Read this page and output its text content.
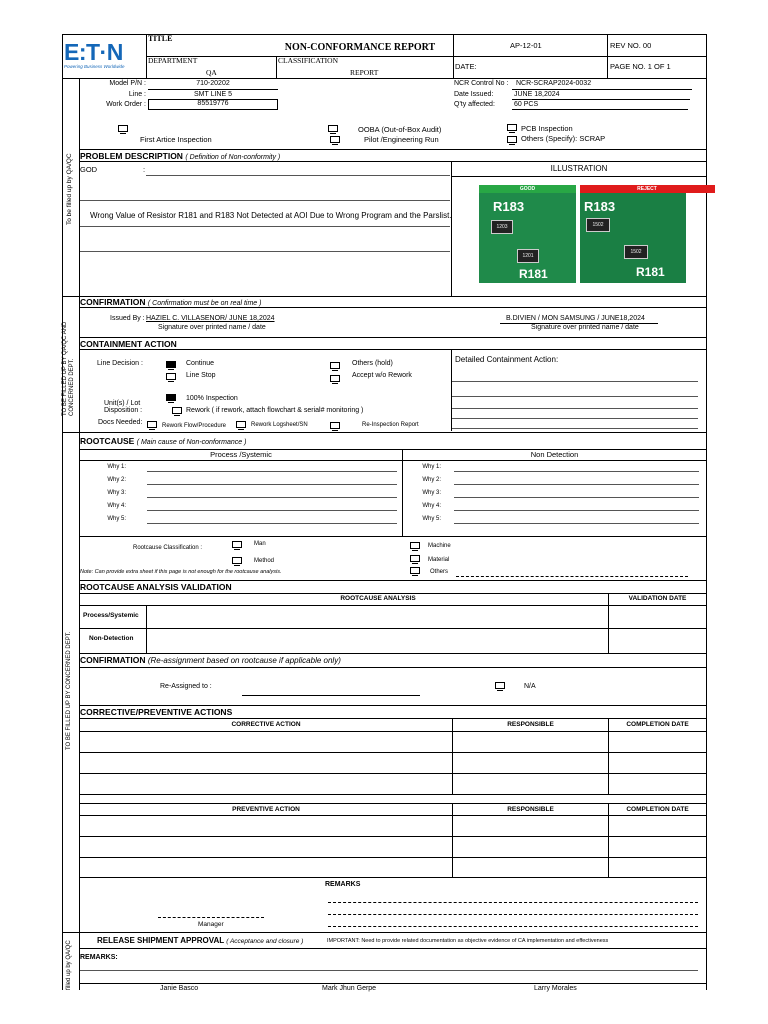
E:T·N
Powering Business Worldwide
TITLE
NON-CONFORMANCE REPORT	AP-12-01	REV NO. 00
DEPARTMENT
QA
CLASSIFICATION
REPORT
DATE:	PAGE NO. 1 OF 1
Model P/N :	710-20202
Line :	SMT LINE 5
Work Order :	85519776
NCR Control No : NCR-SCRAP2024-0032
Date Issued:	JUNE 18,2024
Q'ty affected:	60 PCS
First Artice Inspection
OOBA (Out-of-Box Audit)
Pilot /Engineering Run
PCB Inspection
Others (Specify): SCRAP
To be filled up by QA/QC PROBLEM DESCRIPTION ( Definition of Non-conformity )
GOD	:
Wrong Value of Resistor R181 and R183 Not Detected at AOI Due to Wrong Program and the Parslist.
ILLUSTRATION
GOOD
R183
1203
1201
R181
REJECT
R183
1502
1502
R181
CONFIRMATION ( Confirmation must be on real time )
Issued By : HAZIEL C. VILLASENOR/ JUNE 18,2024
Signature over printed name / date
B.DIVIEN / MON SAMSUNG / JUNE18,2024
Signature over printed name / date
TO BE FILLED UP BY QA/QC AND CONCERNED DEPT.
CONTAINMENT ACTION
Line Decision :	Continue
Line Stop
Others (hold)
Accept w/o Rework
Detailed Containment Action:
100% Inspection
Unit(s) / Lot
Disposition :	Rework ( if rework, attach flowchart & serial# monitoring )
Docs Needed:	Rework Flow/Procedure	Rework Logsheet/SN	Re-Inspection Report
ROOTCAUSE ( Main cause of Non-conformance )
Process /Systemic	Non Detection
Why 1:
Why 2:
Why 3:
Why 4:
Why 5:
Why 1:
Why 2:
Why 3:
Why 4:
Why 5:
Rootcause Classification :
Man
Method
Machine
Material
Others
Note: Can provide extra sheet if this page is not enough for the rootcause analysis.
ROOTCAUSE ANALYSIS VALIDATION
ROOTCAUSE ANALYSIS	VALIDATION DATE
Process/Systemic
Non-Detection
CONFIRMATION (Re-assignment based on rootcause if applicable only)
Re-Assigned to :	N/A
TO BE FILLED UP BY CONCERNED DEPT. CORRECTIVE/PREVENTIVE ACTIONS
CORRECTIVE ACTION	RESPONSIBLE	COMPLETION DATE
PREVENTIVE ACTION	RESPONSIBLE	COMPLETION DATE
REMARKS
Manager
RELEASE SHIPMENT APPROVAL ( Acceptance and closure )	IMPORTANT: Need to provide related documentation as objective evidence of CA implementation and effectiveness
REMARKS:
Janie Basco	Mark Jhun Gerpe	Larry Morales
filled up by QA/QC
